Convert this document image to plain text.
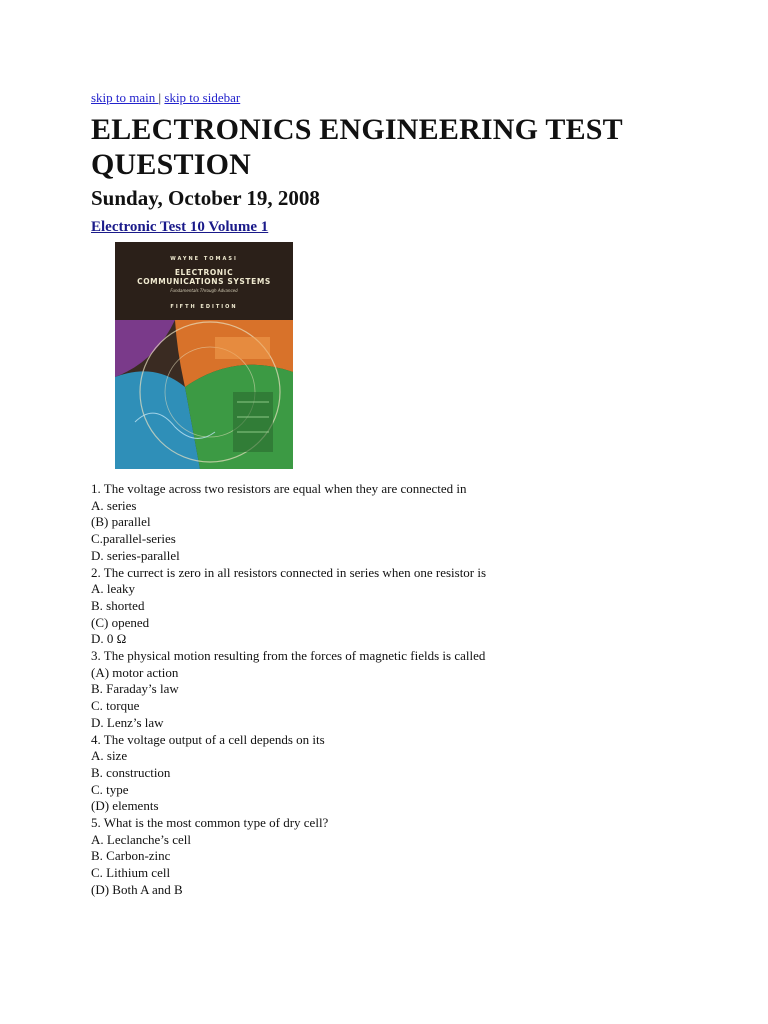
skip to main | skip to sidebar
ELECTRONICS ENGINEERING TEST QUESTION
Sunday, October 19, 2008
Electronic Test 10 Volume 1
WAYNE TOMASI
ELECTRONIC
COMMUNICATIONS SYSTEMS
Fundamentals Through Advanced
FIFTH EDITION
1. The voltage across two resistors are equal when they are connected in
A. series
(B) parallel
C.parallel-series
D. series-parallel
2. The currect is zero in all resistors connected in series when one resistor is
A. leaky
B. shorted
(C) opened
D. 0 Ω
3. The physical motion resulting from the forces of magnetic fields is called
(A) motor action
B. Faraday’s law
C. torque
D. Lenz’s law
4. The voltage output of a cell depends on its
A. size
B. construction
C. type
(D) elements
5. What is the most common type of dry cell?
A. Leclanche’s cell
B. Carbon-zinc
C. Lithium cell
(D) Both A and B
